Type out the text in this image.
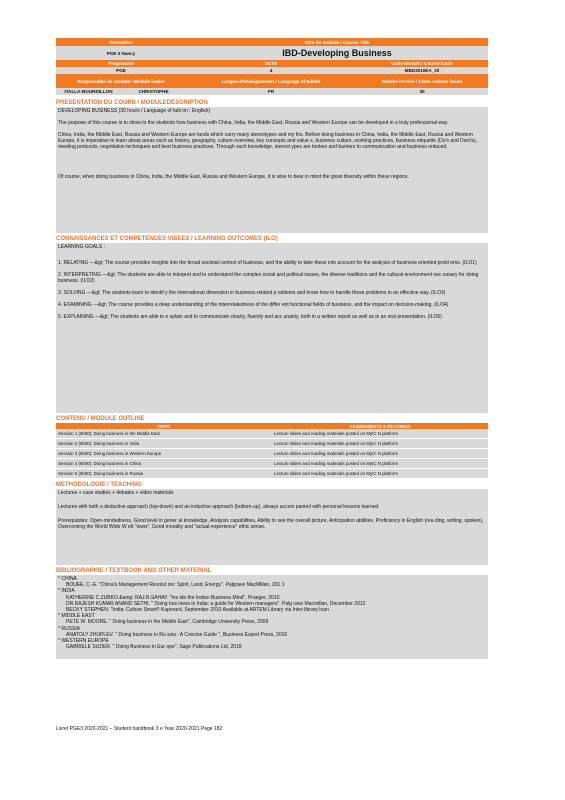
Promotion	Titre du module / Course Title
PGE 3 Nancy	IBD-Developing Business
Programme	ECTS	Code Module / Course Code
PGE	4	MBD3010EA_20
Responsable de module / Module leader	Langue d'enseignement / Language of tuition	Volume horaire / Class contact hours
ITALLA-BOURDILLON	CHRISTOPHE	FR	30
PRESENTATION DU COURS / MODULEDESCRIPTION

DEVELOPING BUSINESS (30 hours / Language of tuiti on : English)

The purpose of this course is to show to the students how business with China, India, the Middle East, Russia and Western Europe can be developed in a truly professional way.

China, India, the Middle East, Russia and Western Europe are lands which carry many stereotypes and my ths. Before doing business in China, India, the Middle East, Russia and Western Europe, it is imperative to learn about areas such as history, geography, culture overview, key concepts and value s, business culture, working practices, business etiquette (Do's and Don'ts), meeting protocols, negotiation techniques and best business practices. Through such knowledge, stereot ypes are broken and barriers to communication and business reduced.

Of course, when doing business in China, India, the Middle East, Russia and Western Europe, it is wise to bear in mind the great diversity within these regions.

CONNAISSANCES ET COMPETENCES VISEES / LEARNING OUTCOMES (ILO)

LEARNING GOALS :

1. RELATING —&gt; The course provides insights into the broad societal context of business, and the ability to take these into account for the analysis of business-oriented probl ems. (ILO1)

2. INTERPRETING —&gt; The students are able to interpret and to understand the complex social and political issues, the diverse traditions and the cultural environment nec essary for doing business. (ILO2)

3. SOLVING —&gt; The students learn to identif y the international dimension in business-related p roblems and know how to handle these problems in an effective way. (ILO3)

4. EXAMINING —&gt; The course provides a deep understanding of the interrelatedness of the differ ent functional fields of business, and the impact on decision-making. (ILO4)

5. EXPLAINING —&gt; The students are able to e xplain and to communicate clearly, fluently and acc urately, both in a written report as well as in an oral presentation. (ILO5)

CONTENU / MODULE OUTLINE
TOPIC	ASSIGNMENTS & READINGS
Session 1 (6h00): Doing business in the Middle East	Lecture slides and reading materials posted on MyIC N platform
Session 2 (6h00): Doing business in India	Lecture slides and reading materials posted on MyIC N platform
Session 3 (6h00): Doing business in Western Europe	Lecture slides and reading materials posted on MyIC N platform
Session 4 (6h00): Doing business in China	Lecture slides and reading materials posted on MyIC N platform
Session 5 (6h00): Doing business in Russia	Lecture slides and reading materials posted on MyIC N platform
METHODOLOGIE / TEACHING

Lectures + case studies + debates + video materials

Lectures with both a deductive approach (top-down) and an inductive approach (bottom-up), always accom panied with personal lessons learned.

Prerequisites: Open-mindedness, Good level in gener al knowledge, Analysis capabilities, Ability to see the overall picture, Anticipation abilities, Proficiency in English (rea ding, writing, spoken), Overcoming the World Wide W eb "www", Good morality and "actual-experience" ethic sense.

BIBLIOGRAPHIE / TEXTBOOK AND OTHER MATERIAL
* CHINA
BOUEE, C.-E. "China's Management Revolut ion: Spirit, Land, Energy". Palgrave MacMillan, 201 1
* INDIA
KATHERINE C.ZUBKO &amp; RAJ.R.SAHAY. "Ins ide the Indian Business Mind". Praeger, 2010
DR.RAJESH KUMAR ANAND SETHI. " Doing bus iness in India: a guide for Western managers". Palg rave Macmillan, December 2012
BECKY STEPHEN. "India: Culture Smart!! Kuperard, September 2010 Available at ARTEM Library via Inter-library loan
* MIDDLE EAST
PETE W. MOORE. " Doing business in the Middle East", Cambridge University Press, 2009
* RUSSIA
ANATOLY ZHUPLEV. " Doing business in Ru ssia : A Concise Guide ", Business Expert Press, 2016
* WESTERN EUROPE
GABRIELE SUDER. " Doing Business in Eur ope", Sage Publications Ltd, 2018
Livret PGE3 2020-2021 – Student handbook 3 e Year 2020-2021 Page 182
